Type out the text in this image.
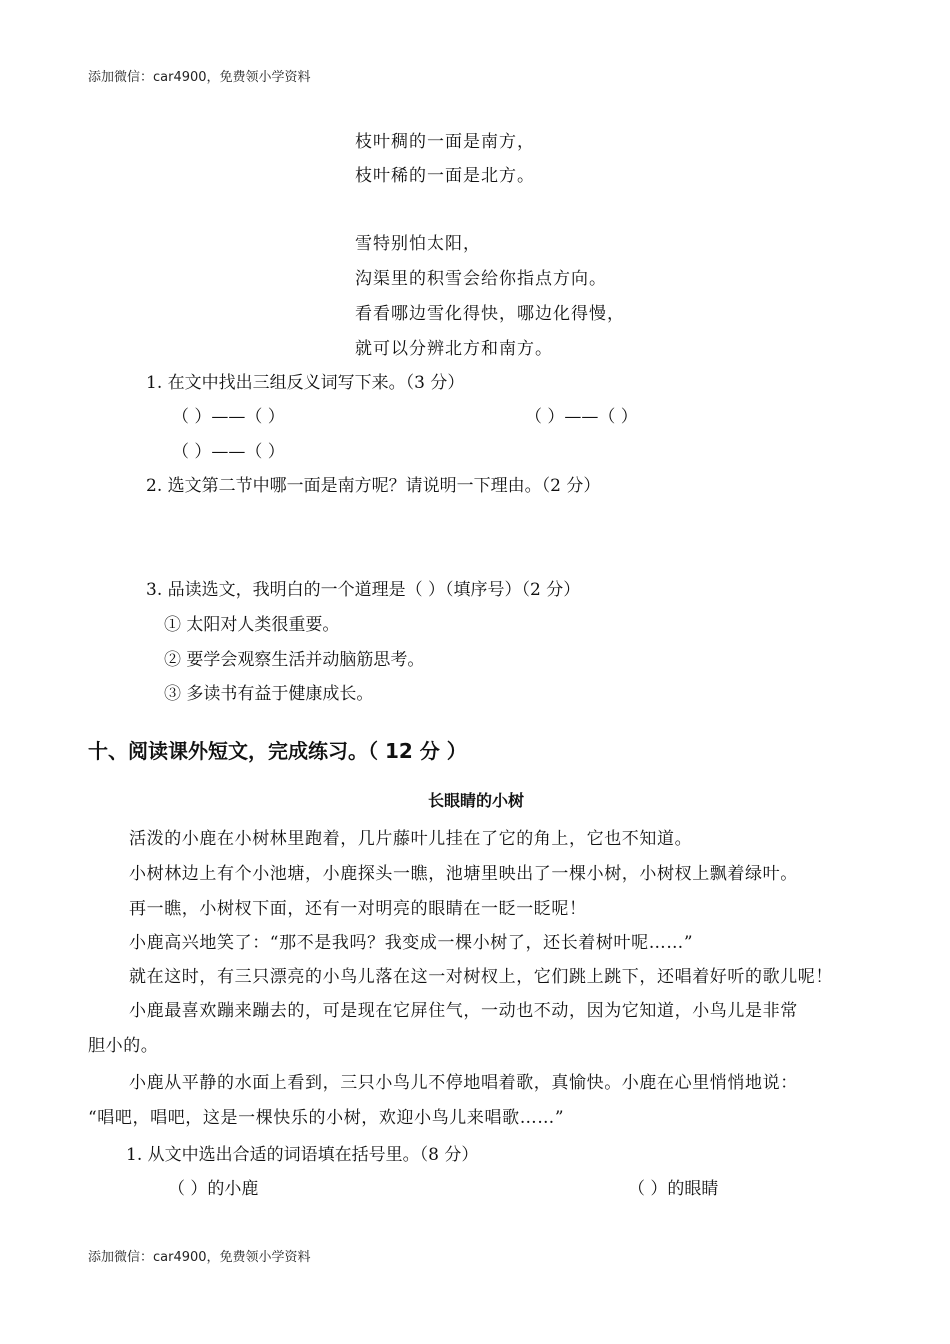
添加微信：car4900，免费领小学资料
枝叶稠的一面是南方，
枝叶稀的一面是北方。
雪特别怕太阳，
沟渠里的积雪会给你指点方向。
看看哪边雪化得快，哪边化得慢，
就可以分辨北方和南方。
1. 在文中找出三组反义词写下来。（3 分）
（ ）——（ ）	（ ）——（ ）
（ ）——（ ）
2. 选文第二节中哪一面是南方呢？请说明一下理由。（2 分）
3. 品读选文，我明白的一个道理是（ ）（填序号）（2 分）
① 太阳对人类很重要。
② 要学会观察生活并动脑筋思考。
③ 多读书有益于健康成长。
十、阅读课外短文，完成练习。（ 12 分 ）
长眼睛的小树
活泼的小鹿在小树林里跑着，几片藤叶儿挂在了它的角上，它也不知道。
小树林边上有个小池塘，小鹿探头一瞧，池塘里映出了一棵小树，小树杈上飘着绿叶。
再一瞧，小树杈下面，还有一对明亮的眼睛在一眨一眨呢！
小鹿高兴地笑了：“那不是我吗？我变成一棵小树了，还长着树叶呢……”
就在这时，有三只漂亮的小鸟儿落在这一对树杈上，它们跳上跳下，还唱着好听的歌儿呢！
小鹿最喜欢蹦来蹦去的，可是现在它屏住气，一动也不动，因为它知道，小鸟儿是非常
胆小的。
小鹿从平静的水面上看到，三只小鸟儿不停地唱着歌，真愉快。小鹿在心里悄悄地说：
“唱吧，唱吧，这是一棵快乐的小树，欢迎小鸟儿来唱歌……”
1. 从文中选出合适的词语填在括号里。（8 分）
（ ）的小鹿	（ ）的眼睛
添加微信：car4900，免费领小学资料
